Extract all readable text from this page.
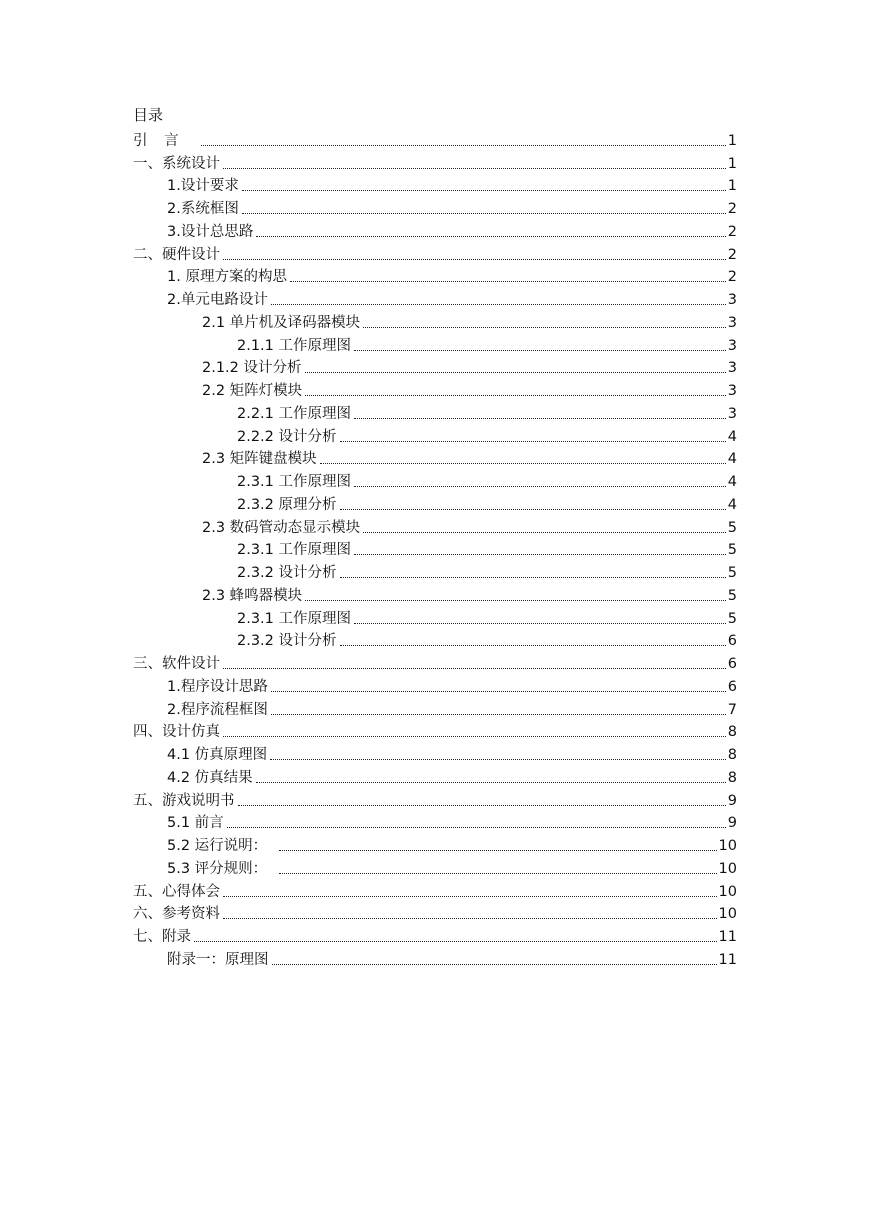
目录
引 言	1
一、系统设计	1
1.设计要求	1
2.系统框图	2
3.设计总思路	2
二、硬件设计	2
1. 原理方案的构思	2
2.单元电路设计	3
2.1 单片机及译码器模块	3
2.1.1 工作原理图	3
2.1.2 设计分析	3
2.2 矩阵灯模块	3
2.2.1 工作原理图	3
2.2.2 设计分析	4
2.3 矩阵键盘模块	4
2.3.1 工作原理图	4
2.3.2 原理分析	4
2.3 数码管动态显示模块	5
2.3.1 工作原理图	5
2.3.2 设计分析	5
2.3 蜂鸣器模块	5
2.3.1 工作原理图	5
2.3.2 设计分析	6
三、软件设计	6
1.程序设计思路	6
2.程序流程框图	7
四、设计仿真	8
4.1 仿真原理图	8
4.2 仿真结果	8
五、游戏说明书	9
5.1 前言	9
5.2 运行说明：	10
5.3 评分规则：	10
五、心得体会	10
六、参考资料	10
七、附录	11
附录一：原理图	11
